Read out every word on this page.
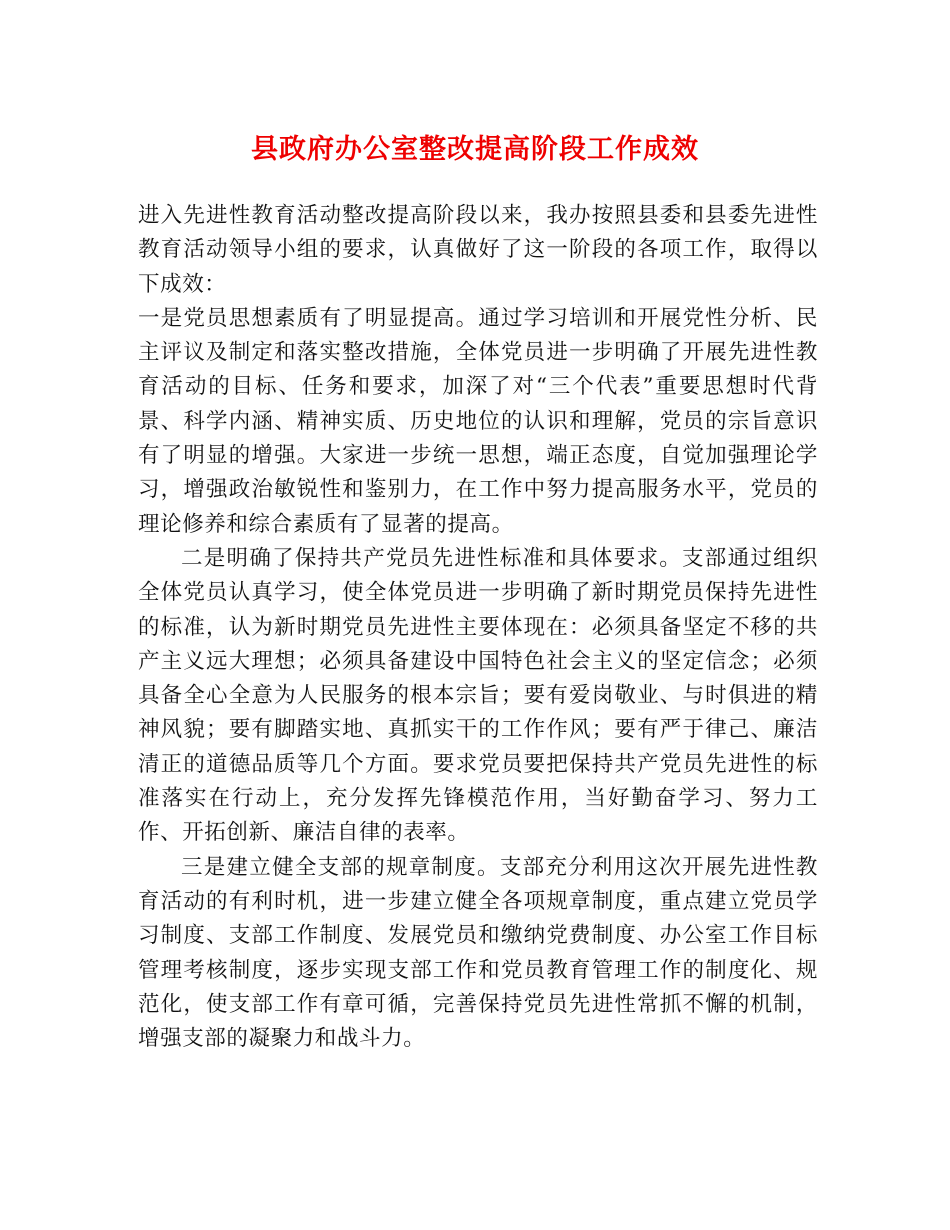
县政府办公室整改提高阶段工作成效

进入先进性教育活动整改提高阶段以来，我办按照县委和县委先进性教育活动领导小组的要求，认真做好了这一阶段的各项工作，取得以下成效：

一是党员思想素质有了明显提高。通过学习培训和开展党性分析、民主评议及制定和落实整改措施，全体党员进一步明确了开展先进性教育活动的目标、任务和要求，加深了对“三个代表”重要思想时代背景、科学内涵、精神实质、历史地位的认识和理解，党员的宗旨意识有了明显的增强。大家进一步统一思想，端正态度，自觉加强理论学习，增强政治敏锐性和鉴别力，在工作中努力提高服务水平，党员的理论修养和综合素质有了显著的提高。

二是明确了保持共产党员先进性标准和具体要求。支部通过组织全体党员认真学习，使全体党员进一步明确了新时期党员保持先进性的标准，认为新时期党员先进性主要体现在：必须具备坚定不移的共产主义远大理想；必须具备建设中国特色社会主义的坚定信念；必须具备全心全意为人民服务的根本宗旨；要有爱岗敬业、与时俱进的精神风貌；要有脚踏实地、真抓实干的工作作风；要有严于律己、廉洁清正的道德品质等几个方面。要求党员要把保持共产党员先进性的标准落实在行动上，充分发挥先锋模范作用，当好勤奋学习、努力工作、开拓创新、廉洁自律的表率。

三是建立健全支部的规章制度。支部充分利用这次开展先进性教育活动的有利时机，进一步建立健全各项规章制度，重点建立党员学习制度、支部工作制度、发展党员和缴纳党费制度、办公室工作目标管理考核制度，逐步实现支部工作和党员教育管理工作的制度化、规范化，使支部工作有章可循，完善保持党员先进性常抓不懈的机制，增强支部的凝聚力和战斗力。
